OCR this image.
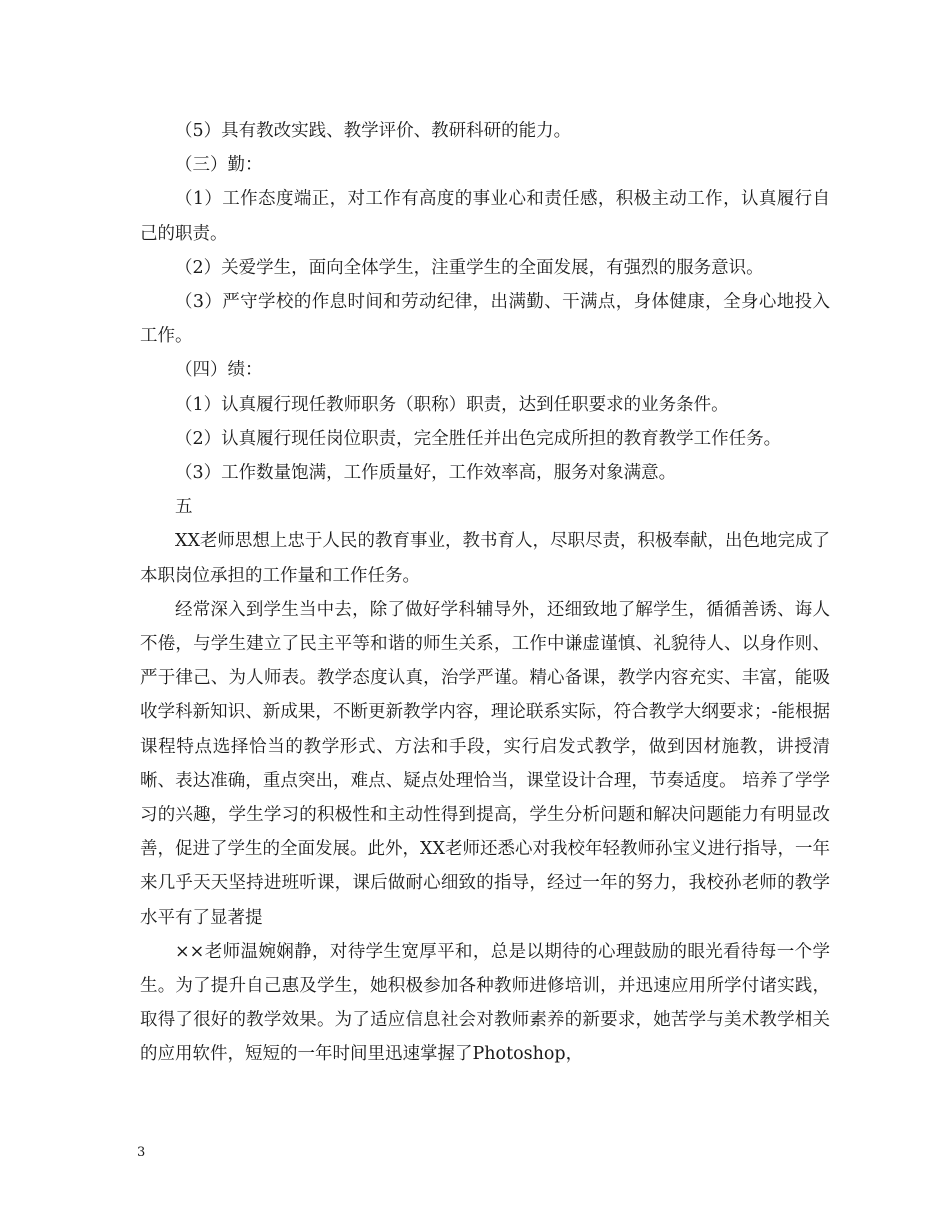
（5）具有教改实践、教学评价、教研科研的能力。

（三）勤：

（1）工作态度端正，对工作有高度的事业心和责任感，积极主动工作，认真履行自己的职责。

（2）关爱学生，面向全体学生，注重学生的全面发展，有强烈的服务意识。

（3）严守学校的作息时间和劳动纪律，出满勤、干满点，身体健康，全身心地投入工作。

（四）绩：

（1）认真履行现任教师职务（职称）职责，达到任职要求的业务条件。

（2）认真履行现任岗位职责，完全胜任并出色完成所担的教育教学工作任务。

（3）工作数量饱满，工作质量好，工作效率高，服务对象满意。

五

XX老师思想上忠于人民的教育事业，教书育人，尽职尽责，积极奉献，出色地完成了本职岗位承担的工作量和工作任务。

经常深入到学生当中去，除了做好学科辅导外，还细致地了解学生，循循善诱、诲人不倦，与学生建立了民主平等和谐的师生关系，工作中谦虚谨慎、礼貌待人、以身作则、严于律己、为人师表。教学态度认真，治学严谨。精心备课，教学内容充实、丰富，能吸收学科新知识、新成果，不断更新教学内容，理论联系实际，符合教学大纲要求；-能根据课程特点选择恰当的教学形式、方法和手段，实行启发式教学，做到因材施教，讲授清晰、表达准确，重点突出，难点、疑点处理恰当，课堂设计合理，节奏适度。 培养了学学习的兴趣，学生学习的积极性和主动性得到提高，学生分析问题和解决问题能力有明显改善，促进了学生的全面发展。此外，XX老师还悉心对我校年轻教师孙宝义进行指导，一年来几乎天天坚持进班听课，课后做耐心细致的指导，经过一年的努力，我校孙老师的教学水平有了显著提

××老师温婉娴静，对待学生宽厚平和，总是以期待的心理鼓励的眼光看待每一个学生。为了提升自己惠及学生，她积极参加各种教师进修培训，并迅速应用所学付诸实践，取得了很好的教学效果。为了适应信息社会对教师素养的新要求，她苦学与美术教学相关的应用软件，短短的一年时间里迅速掌握了Photoshop，

3
